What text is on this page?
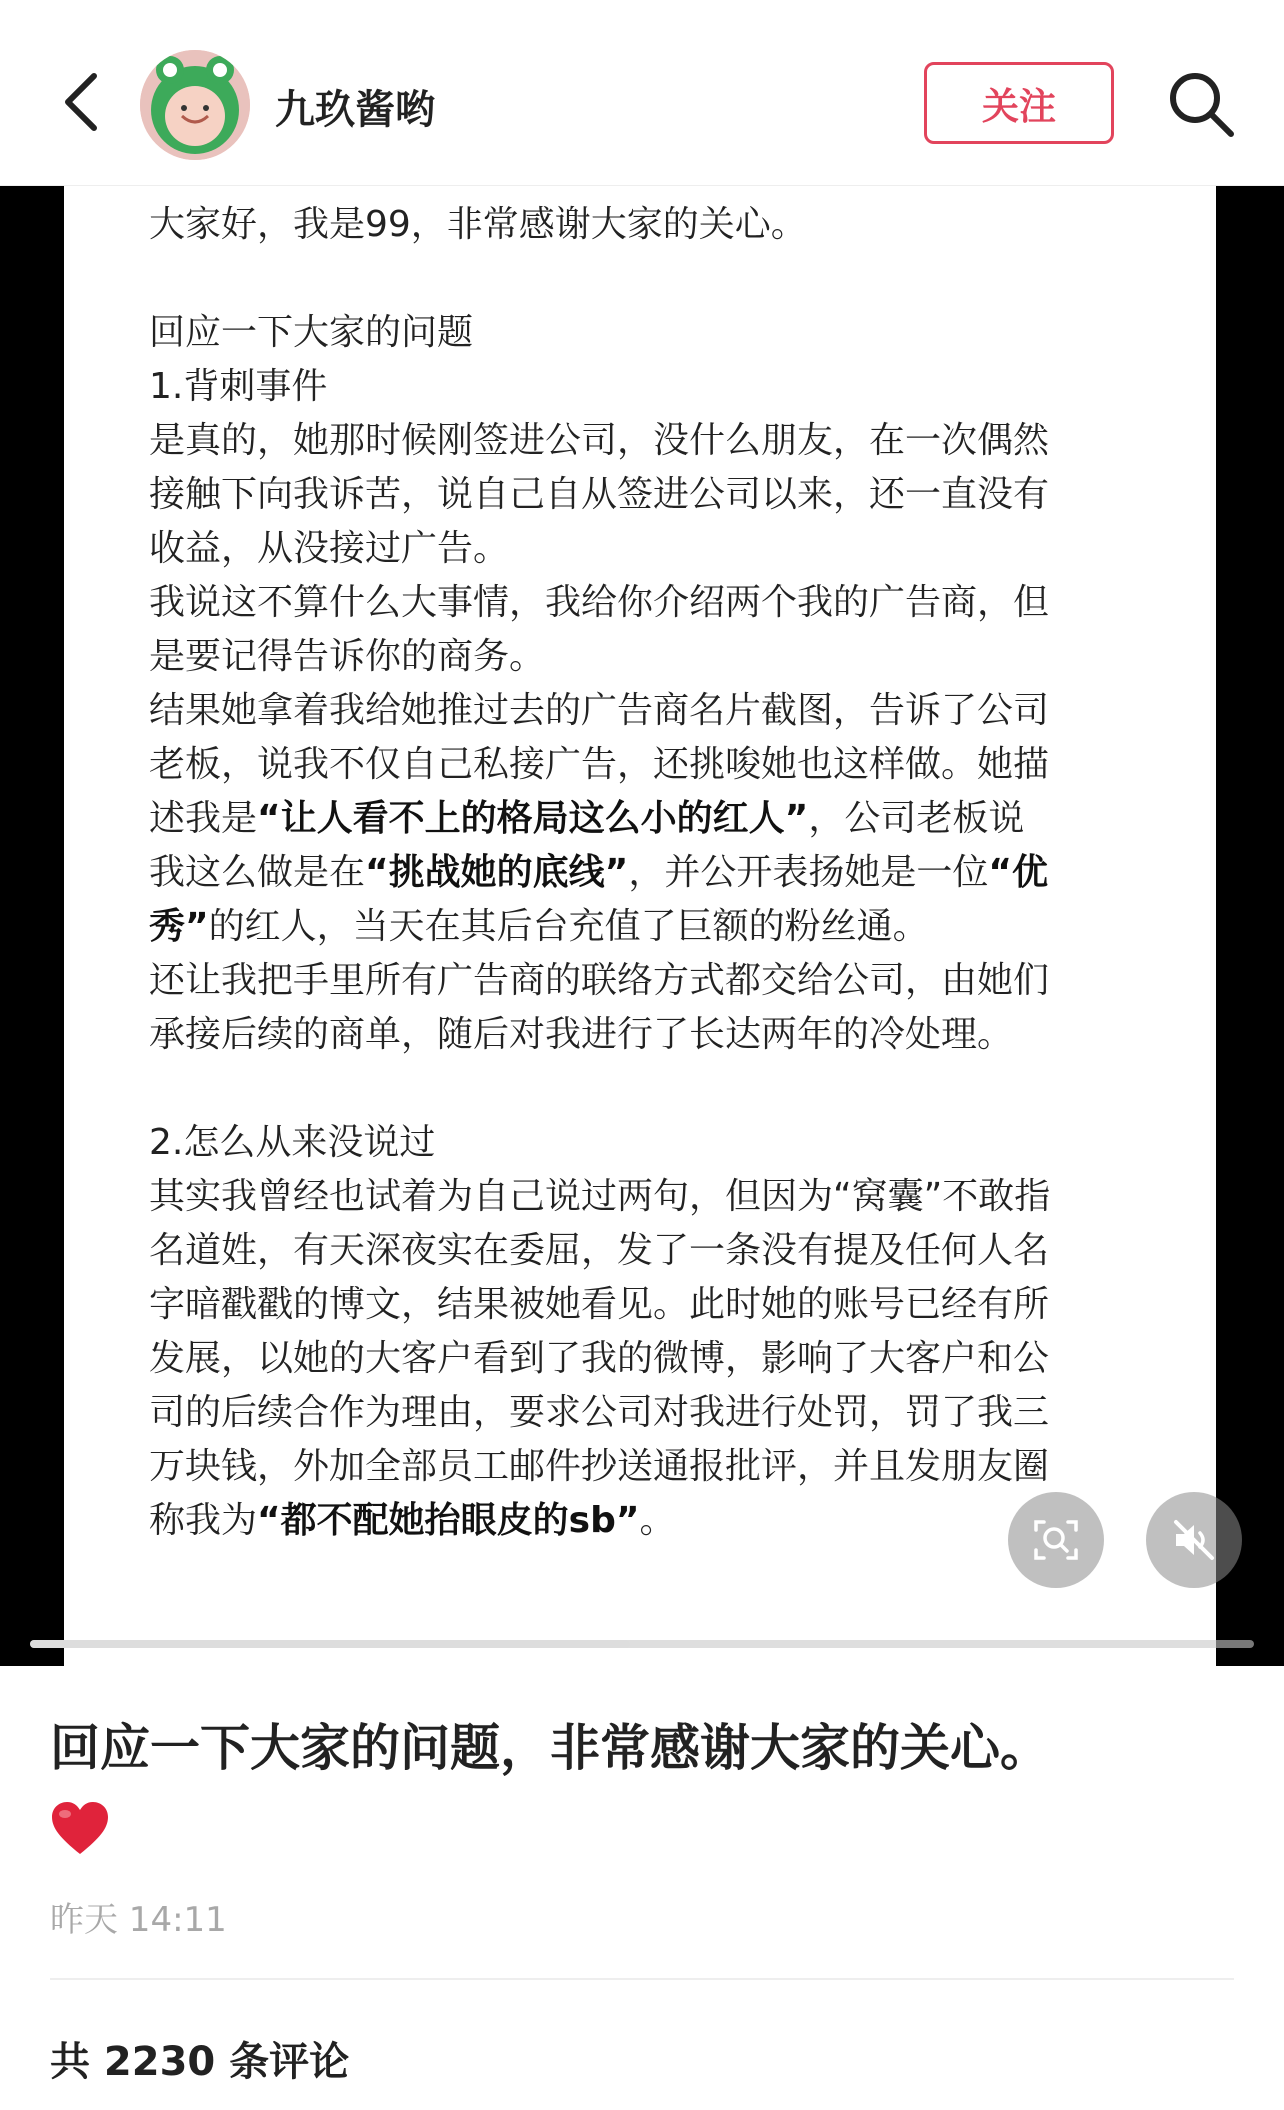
九玖酱哟	关注

大家好，我是99，非常感谢大家的关心。

回应一下大家的问题

1.背刺事件

是真的，她那时候刚签进公司，没什么朋友，在一次偶然

接触下向我诉苦，说自己自从签进公司以来，还一直没有

收益，从没接过广告。

我说这不算什么大事情，我给你介绍两个我的广告商，但

是要记得告诉你的商务。

结果她拿着我给她推过去的广告商名片截图，告诉了公司

老板，说我不仅自己私接广告，还挑唆她也这样做。她描

述我是“让人看不上的格局这么小的红人”，公司老板说

我这么做是在“挑战她的底线”，并公开表扬她是一位“优

秀”的红人，当天在其后台充值了巨额的粉丝通。

还让我把手里所有广告商的联络方式都交给公司，由她们

承接后续的商单，随后对我进行了长达两年的冷处理。

2.怎么从来没说过

其实我曾经也试着为自己说过两句，但因为“窝囊”不敢指

名道姓，有天深夜实在委屈，发了一条没有提及任何人名

字暗戳戳的博文，结果被她看见。此时她的账号已经有所

发展，以她的大客户看到了我的微博，影响了大客户和公

司的后续合作为理由，要求公司对我进行处罚，罚了我三

万块钱，外加全部员工邮件抄送通报批评，并且发朋友圈

称我为“都不配她抬眼皮的sb”。

回应一下大家的问题，非常感谢大家的关心。
昨天 14:11
共 2230 条评论
